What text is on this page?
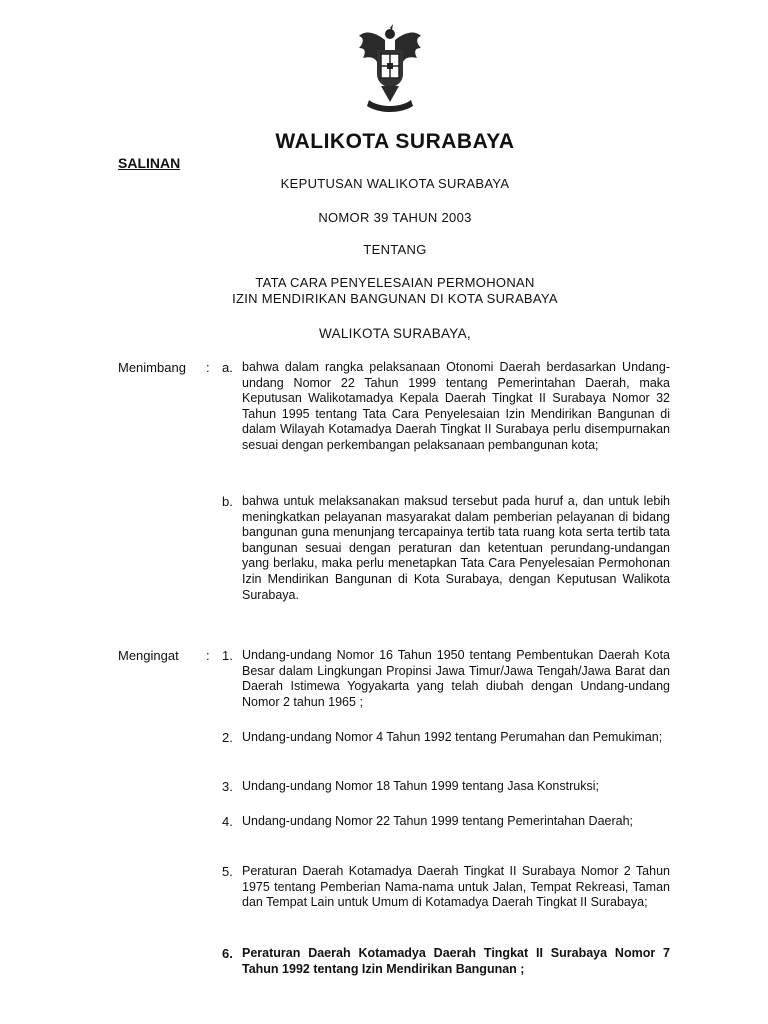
WALIKOTA SURABAYA
SALINAN
KEPUTUSAN WALIKOTA SURABAYA
NOMOR 39 TAHUN 2003
TENTANG
TATA CARA PENYELESAIAN PERMOHONAN
IZIN MENDIRIKAN BANGUNAN DI KOTA SURABAYA
WALIKOTA SURABAYA,
Menimbang	: a. bahwa dalam rangka pelaksanaan Otonomi Daerah berdasarkan Undang-undang Nomor 22 Tahun 1999 tentang Pemerintahan Daerah, maka Keputusan Walikotamadya Kepala Daerah Tingkat II Surabaya Nomor 32 Tahun 1995 tentang Tata Cara Penyelesaian Izin Mendirikan Bangunan di dalam Wilayah Kotamadya Daerah Tingkat II Surabaya perlu disempurnakan sesuai dengan perkembangan pelaksanaan pembangunan kota;
b. bahwa untuk melaksanakan maksud tersebut pada huruf a, dan untuk lebih meningkatkan pelayanan masyarakat dalam pemberian pelayanan di bidang bangunan guna menunjang tercapainya tertib tata ruang kota serta tertib tata bangunan sesuai dengan peraturan dan ketentuan perundang-undangan yang berlaku, maka perlu menetapkan Tata Cara Penyelesaian Permohonan Izin Mendirikan Bangunan di Kota Surabaya, dengan Keputusan Walikota Surabaya.
Mengingat	: 1. Undang-undang Nomor 16 Tahun 1950 tentang Pembentukan Daerah Kota Besar dalam Lingkungan Propinsi Jawa Timur/Jawa Tengah/Jawa Barat dan Daerah Istimewa Yogyakarta yang telah diubah dengan Undang-undang Nomor 2 tahun 1965 ;
2. Undang-undang Nomor 4 Tahun 1992 tentang Perumahan dan Pemukiman;
3. Undang-undang Nomor 18 Tahun 1999 tentang Jasa Konstruksi;
4. Undang-undang Nomor 22 Tahun 1999 tentang Pemerintahan Daerah;
5. Peraturan Daerah Kotamadya Daerah Tingkat II Surabaya Nomor 2 Tahun 1975 tentang Pemberian Nama-nama untuk Jalan, Tempat Rekreasi, Taman dan Tempat Lain untuk Umum di Kotamadya Daerah Tingkat II Surabaya;
6. Peraturan Daerah Kotamadya Daerah Tingkat II Surabaya Nomor 7 Tahun 1992 tentang Izin Mendirikan Bangunan ;
